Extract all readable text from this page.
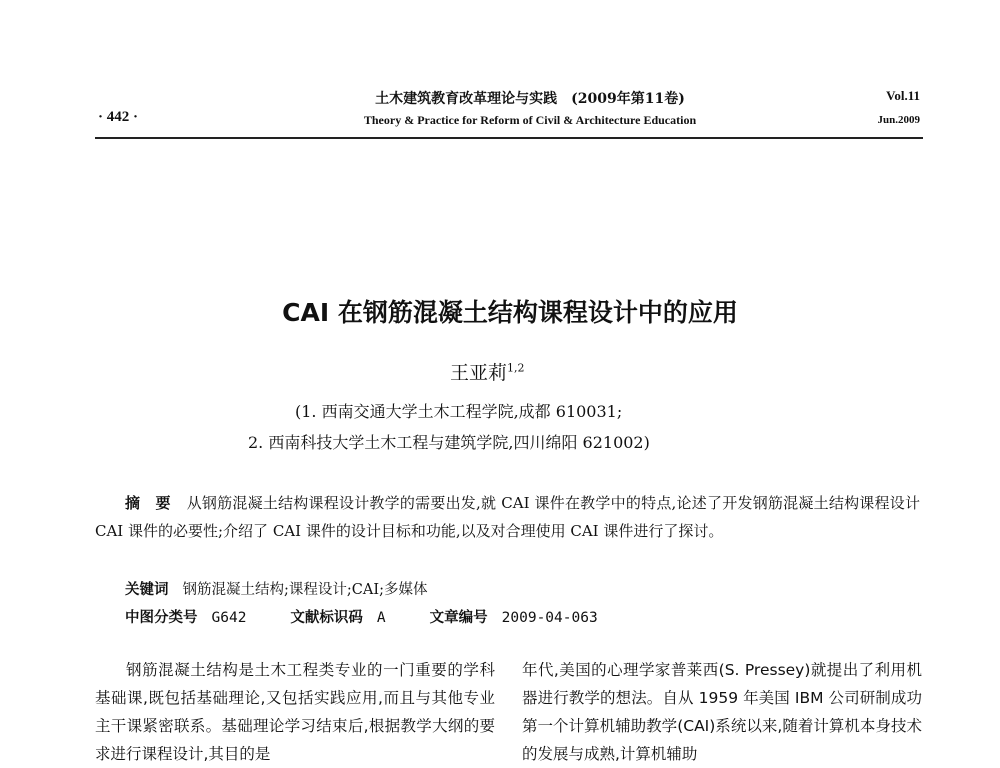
土木建筑教育改革理论与实践　(2009年第11卷)
Theory & Practice for Reform of Civil & Architecture Education
Vol.11
Jun.2009
· 442 ·
CAI 在钢筋混凝土结构课程设计中的应用
王亚莉$^{1,2}$
(1. 西南交通大学土木工程学院,成都 610031;
2. 西南科技大学土木工程与建筑学院,四川绵阳 621002)
摘　要 从钢筋混凝土结构课程设计教学的需要出发,就 CAI 课件在教学中的特点,论述了开发钢筋混凝土结构课程设计 CAI 课件的必要性;介绍了 CAI 课件的设计目标和功能,以及对合理使用 CAI 课件进行了探讨。
关键词 钢筋混凝土结构;课程设计;CAI;多媒体
中图分类号 G642	文献标识码 A	文章编号 2009-04-063
钢筋混凝土结构是土木工程类专业的一门重要的学科基础课,既包括基础理论,又包括实践应用,而且与其他专业主干课紧密联系。基础理论学习结束后,根据教学大纲的要求进行课程设计,其目的是
年代,美国的心理学家普莱西(S. Pressey)就提出了利用机器进行教学的想法。自从 1959 年美国 IBM 公司研制成功第一个计算机辅助教学(CAI)系统以来,随着计算机本身技术的发展与成熟,计算机辅助
